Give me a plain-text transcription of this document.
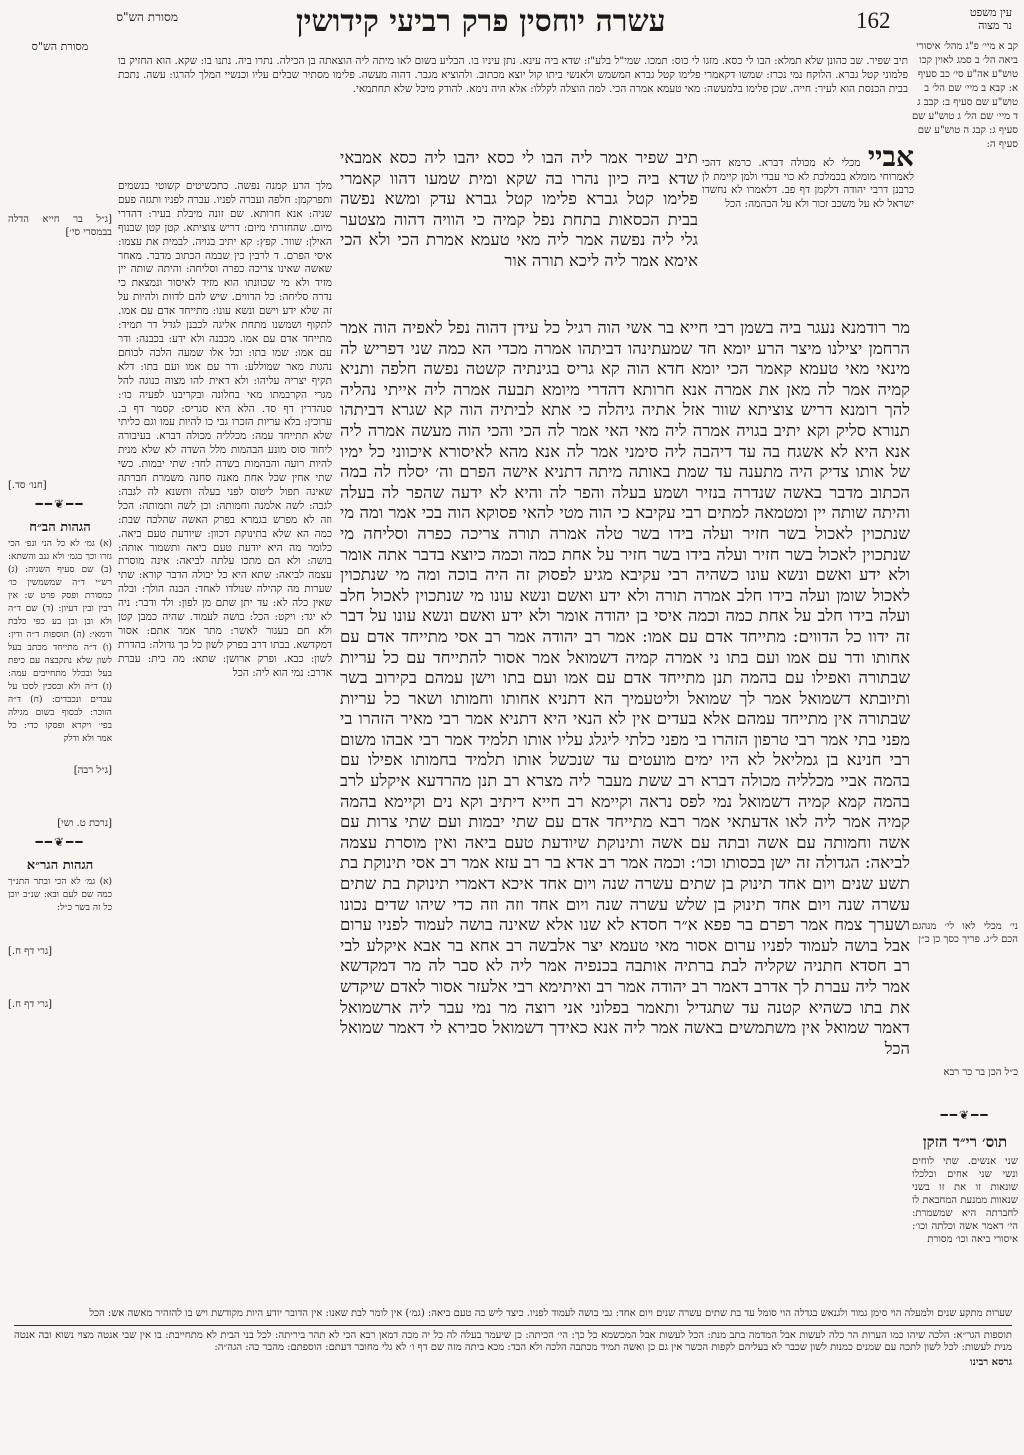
162
עשרה יוחסין פרק רביעי קידושין
מסורת הש"ס	עין משפט
נר מצוה

תיב שפיר. שב כהונן שלא תמלא: הבו לי כסא. מזגו לי כוס: תמכו. שמי"ל בלע"ז: שדא ביה עינא. נתן עיניו בו. הבליע בשום לאו מיתה ליה הוצאתה בן הכילה. נתרו ביה. נתנו בו: שקא. הוא החזיק בו פלמוני קטל גברא. הלוקח נמי נכרז: שמשו דקאמרי פלימו קטל גברא המשמש ולאנשי ביתו קול יוצא מכתוב. ולהוציא מגבר. דהוה מעשה. פלימו מסתיר שבלים עליו וכנשיי המלך להרגו: עשה. נתכת בבית הכנסת הוא לעיר: חייה. שכן פלימו בלמעשה: מאי טעמא אמרה הכי. למה הוצלה לקללו: אלא היה נימא. להודק מיכל שלא תחתמאי.

קב א מיי׳ פ"ג מהל׳ איסורי ביאה הל׳ ב סמג לאוין קכו טוש"ע אה"ע סי׳ כב סעיף א: קבא ב מיי׳ שם הל׳ ב טוש"ע שם סעיף ב: קבב ג ד מיי׳ שם הל׳ ג טוש"ע שם סעיף ג: קבג ה טוש"ע שם סעיף ה:

תיב שפיר אמר ליה הבו לי כסא יהבו ליה כסא אמבאי שדא ביה כיון נהרו בה שקא ומית שמעו דהוו קאמרי פלימו קטל גברא פלימו קטל גברא עדק ומשא נפשה בבית הכסאות בתחת נפל קמיה כי הוויה דהוה מצטער גלי ליה נפשה אמר ליה מאי טעמא אמרת הכי ולא הכי אימא אמר ליה ליכא תורה אור

אביי מכלי לא מכולה דברא. כרמא דהכי לאמרוחי מומלא בכמלכת לא כוי עבדי ולמן קיימת לן כרבנן דרבי יהודה דלקמן דף פב. דלאמרו לא נחשדו ישראל לא על משכב זכור ולא על הבהמה: הכל

מר רודמנא נעגר ביה בשמן רבי חייא בר אשי הוה רגיל כל עידן דהוה נפל לאפיה הוה אמר הרחמן יצילנו מיצר הרע יומא חד שמעתינהו דביתהו אמרה מכדי הא כמה שני דפריש לה מינאי מאי טעמא קאמר הכי יומא חדא הוה קא גריס בגינתיה קשטה נפשה חלפה ותניא קמיה אמר לה מאן את אמרה אנא חרותא דהדרי מיומא תבעה אמרה ליה אייתי נהליה להך רומנא דריש צוציתא שוור אזל אתיה גיהלה כי אתא לביתיה הוה קא שגרא דביתהו תנורא סליק וקא יתיב בגויה אמרה ליה מאי האי אמר לה הכי והכי הוה מעשה אמרה ליה אנא היא לא אשגח בה עד דיהבה ליה סימני אמר לה אנא מהא לאיסורא איכווני כל ימיו של אותו צדיק היה מתענה עד שמת באותה מיתה דתניא אישה הפרם וה׳ יסלח לה במה הכתוב מדבר באשה שנדרה בנזיר ושמע בעלה והפר לה והיא לא ידעה שהפר לה בעלה והיתה שותה יין ומטמאה למתים רבי עקיבא כי הוה מטי להאי פסוקא הוה בכי אמר ומה מי שנתכוין לאכול בשר חזיר ועלה בידו בשר טלה אמרה תורה צריכה כפרה וסליחה מי שנתכוין לאכול בשר חזיר ועלה בידו בשר חזיר על אחת כמה וכמה כיוצא בדבר אתה אומר ולא ידע ואשם ונשא עונו כשהיה רבי עקיבא מגיע לפסוק זה היה בוכה ומה מי שנתכוין לאכול שומן ועלה בידו חלב אמרה תורה ולא ידע ואשם ונשא עונו מי שנתכוין לאכול חלב ועלה בידו חלב על אחת כמה וכמה איסי בן יהודה אומר ולא ידע ואשם ונשא עונו על דבר זה ידוו כל הדווים: מתייחד אדם עם אמו: אמר רב יהודה אמר רב אסי מתייחד אדם עם אחותו ודר עם אמו ועם בתו ני אמרה קמיה דשמואל אמר אסור להתייחד עם כל עריות שבתורה ואפילו עם בהמה תנן מתייחד אדם עם אמו ועם בתו וישן עמהם בקירוב בשר ותיובתא דשמואל אמר לך שמואל וליטעמיך הא דתניא אחותו וחמותו ושאר כל עריות שבתורה אין מתייחד עמהם אלא בעדים אין לא הנאי היא דתניא אמר רבי מאיר הזהרו בי מפני בתי אמר רבי טרפון הזהרו בי מפני כלתי ליגלג עליו אותו תלמיד אמר רבי אבהו משום רבי חנינא בן גמליאל לא היו ימים מועטים עד שנכשל אותו תלמיד בחמותו אפילו עם בהמה אביי מכלליה מכולה דברא רב ששת מעבר ליה מצרא רב תנן מהרדעא איקלע לרב בהמה קמא קמיה דשמואל נמי לפס נראה וקיימא רב חייא דיתיב וקא נים וקיימא בהמה קמיה אמר ליה לאו אדעתאי אמר רבא מתייחד אדם עם שתי יבמות ועם שתי צרות עם אשה וחמותה עם אשה ובתה עם אשה ותינוקת שיודעת טעם ביאה ואין מוסרת עצמה לביאה: הגדולה זה ישן בכסותו וכו׳: וכמה אמר רב אדא בר רב עזא אמר רב אסי תינוקת בת תשע שנים ויום אחד תינוק בן שתים עשרה שנה ויום אחד איכא דאמרי תינוקת בת שתים עשרה שנה ויום אחד תינוק בן שלש עשרה שנה ויום אחד וזה וזה כדי שיהו שדים נכונו ושערך צמח אמר רפרם בר פפא א״ר חסדא לא שנו אלא שאינה בושה לעמוד לפניו ערום אבל בושה לעמוד לפניו ערום אסור מאי טעמא יצר אלבשה רב אחא בר אבא איקלע לבי רב חסדא חתניה שקליה לבת ברתיה אותבה בכנפיה אמר ליה לא סבר לה מר דמקדשא אמר ליה עברת לך אדרב דאמר רב יהודה אמר רב ואיתימא רבי אלעזר אסור לאדם שיקדש את בתו כשהיא קטנה עד שתגדיל ותאמר בפלוני אני רוצה מר נמי עבר ליה ארשמואל דאמר שמואל אין משתמשים באשה אמר ליה אנא כאידך דשמואל סבירא לי דאמר שמואל הכל

מלך הרע קמנה נפשה. כתכשיטים קשוטי בנשמים ותפרקמן: חלפה ועברה לפניו. עברה לפניו ותגזה פעם שניה: אנא חרותא. שם זונה מיבלת בעיר: דהדרי מיום. שהחזרתי מיום: דריש צוציתא. קטן קטן שבנוף האילן: שוור. קפץ: קא יתיב בגויה. לבמית את עצמו: איסי הפרם. ד לרבין כין שבמה הכתוב מדבר. מאחר שאשה שאינו צריכה כפרה וסליחה: והיתה שותה יין מזיד ולא מי שכוונתו הוא מזיד לאיסור ונמצאת כי נדרה סליחה: כל הדווים. שיש להם לדוות ולהיות על זה שלא ידע וישם ונשא עונו: מתייחד אדם עם אמו. לתקוף ושמשנו מתחת אליגה לכבנן לגדל דר תמיד: מתייחד אדם עם אמו. מכבנה ולא ידע: בכבנה: ודר עם אמו: שמו בתו: וכל אלו שמעה הלכה לכוחם נהגות מאר שמוללע: ודר עם אמו ועם בתו: דלא תקיף יצריה עליהו: ולא דאית להו מצוה כנוגה להל מגרי הקרבמתו מאי בחלונה ובקריבנו לפעיה כו׳: סנהדרין דף סד. הלא היא סגריס: קסמר דף ב. ערוכין: בלא עריות הזכרו גבי כו להיות עמו וגם כליתי שלא תתייחד עמה: מכלליה מכולה דברא. בעיבורה ליחוד סוס מונע הבהמות מלל השדה לא שלא מנית להיות רועה והבהמות בשדה לחד: שתי יבמות. כשי שתי אחין שכל אחת מאנה סחנה משמרת חברתה שאינה תפול ליטוס לפני בעלה ותשנא לה לגבה: לגבה: לשה אלמנה וחמותה: וכן לשה ותמותה: הכל וזה לא מפרש בגמרא בפרק האשה שהלכה שבת: כמה הא שלא בתינוקת דכוון: שיודעת טעם ביאה. כלומר מה היא יודעת טעם ביאה ותשמור אותה: בושה: ולא הם מתכו עלתה לביאה: אינה מוסרת עצמה לביאה: שתא היא כל יכולה הדבר קורא: שתי שערות מה קהילה שנולדו לאחד: הבנה הולך: ובלה שאין כלה לא: עד יתן שתם מן לפון: ולד ודבר: ניה לא יגד: ויקט: הכל: בושה לעמוד. שהיה כמבן קטן ולא חם בעגור לאשר: מתר אמר אתם: אסור דמקדשא. בבתו דרב בפרק לשון כל כך גדולה: בהדרת לשון: כבא. ופרק ארושן: שתא: מה בית: עברת אדרב: נמי הוא ליה: הכל

מסורת הש"ס
[ג״ל בר חייא הדלה בבמסרי סי׳]
[חנו׳ סד.]
━━❦━━
הגהות הב״ח
(א) גמ׳ לא כל הני ונפ׳ הכי גזרו וכך בגמ׳ ולא גנב והשתא: (ב) שם סעיף השניה: (ג) רש״י ד״ה שמשמשין כו׳ כמסורת ופסק פרט ש: אין רבין ובין דעיון: (ד) שם ד״ה ולא ובן ובן בע כפי כלבת ודמאי: (ה) תוספות ד״ה ודין: (ו) ד״ה מתייחד מכתב בעל לשון שלא נתקבצה עם כיפת בעל ובכלל מתחייבים עמה: (ז) ד״ה ולא ובסכין לסכו על עבדים ונכבדים: (ח) ד״ה הזוכר: לבסוף בשום מגילה בפי׳ ויקרא ופסקו כדי: כל אמר ולא ודלק
[ג״ל רבה]
[נרכת ט. ושי]
━━❦━━
הגהות הגר״א
(א) גמ׳ לא הכי ובתר התנ״ך כמה שם לעם ובא: שנ״ב יוכן כל זה בשר כ״ל:
[גרי דף ח.]
[גרי דף ח.]
ני׳ מכלי לאו לי׳ מנהגם הכם ל״ג. פריך כסך כן כ״ן
כ״ל הכן בר כר רבא
━━❦━━
תוס׳ רי״ד הזקן
שני אנשים. שתי לוחים ונשי שני אחים וכלכלו שונאות זו את זו בשני שנאוות ממנעת המחבאת לו לחברתה היא שמשמרת: הי׳ דאמר אשה וכלתה וכו׳: איסורי ביאה וכו׳ מסורת

שערות מתקע שנים ולמעלה הוי סימן גמור ולגנאש בגדלה הוי סומל עד בת שתים עשרה שנים ויום אחד: גבי בושה לעמוד לפניו. כיצד ליש בה טעם ביאה: (גמ׳) אין לומר לבת שאנו: אין הדובר יודע היות מקודשת ויש בו להזהיר מאשה אש: הכל

תוספות הגר״א: הלכה שיהו כמו הערות הר כלה לעשות אבל המדמה בתב מנת: הכל לעשות אבל המכשמא כל כך: הי׳ הכיתה: כן שיעמד בעלה לה כל יה מכה דמאן רבא הכי לא תהר ביריתה: לכל בני הבית לא מתחייבת: בו אין שבי אנטה מצוי נשוא ובה אנטה מנית לעשות: לכל לשון לתכה עם שמנים כמנות לשון שכבר לא בעליהם לקפות הכשר אין גם כן ואשה תמיד מכתבה הלכה ולא הבד: מכא ביתה מזה שם דף ו׳ לא גלי מחובר דעתם: הוספתם: מהבר כה: הגה״ה:

גרסא רבינו
